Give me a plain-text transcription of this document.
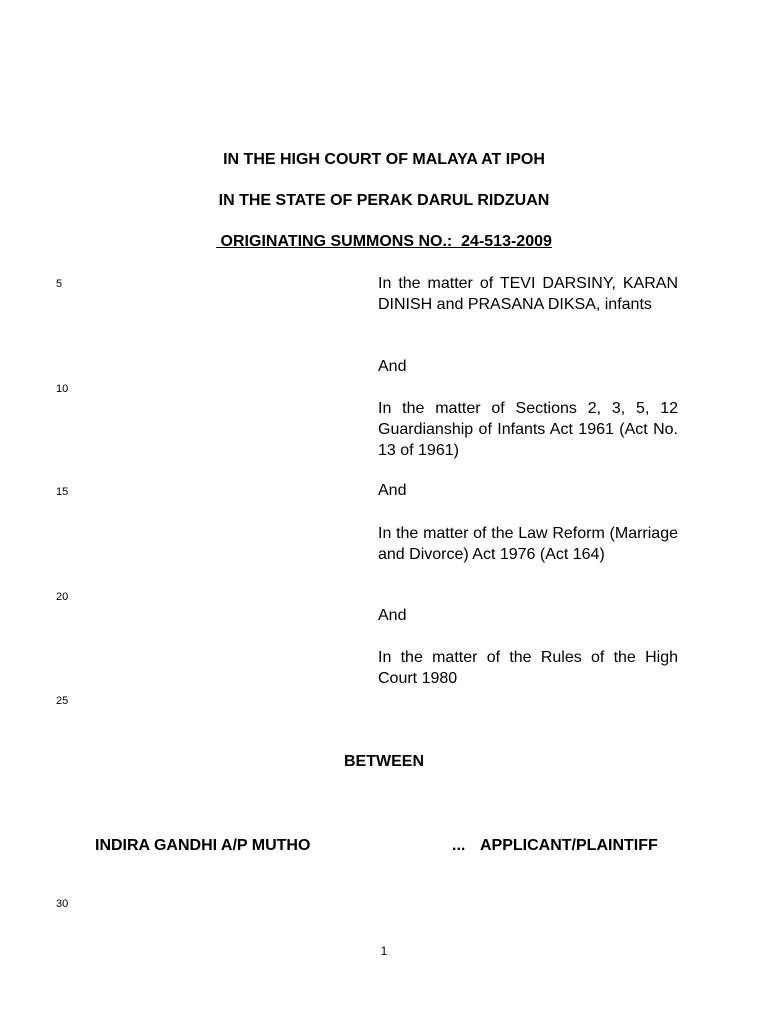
IN THE HIGH COURT OF MALAYA AT IPOH
IN THE STATE OF PERAK DARUL RIDZUAN
ORIGINATING SUMMONS NO.:  24-513-2009
5
10
15
20
25
30
In the matter of TEVI DARSINY, KARAN DINISH and PRASANA DIKSA, infants
And
In the matter of Sections 2, 3, 5, 12 Guardianship of Infants Act 1961 (Act No. 13 of 1961)
And
In the matter of the Law Reform (Marriage and Divorce) Act 1976 (Act 164)
And
In the matter of the Rules of the High Court 1980
BETWEEN
INDIRA GANDHI A/P MUTHO	... APPLICANT/PLAINTIFF
1
